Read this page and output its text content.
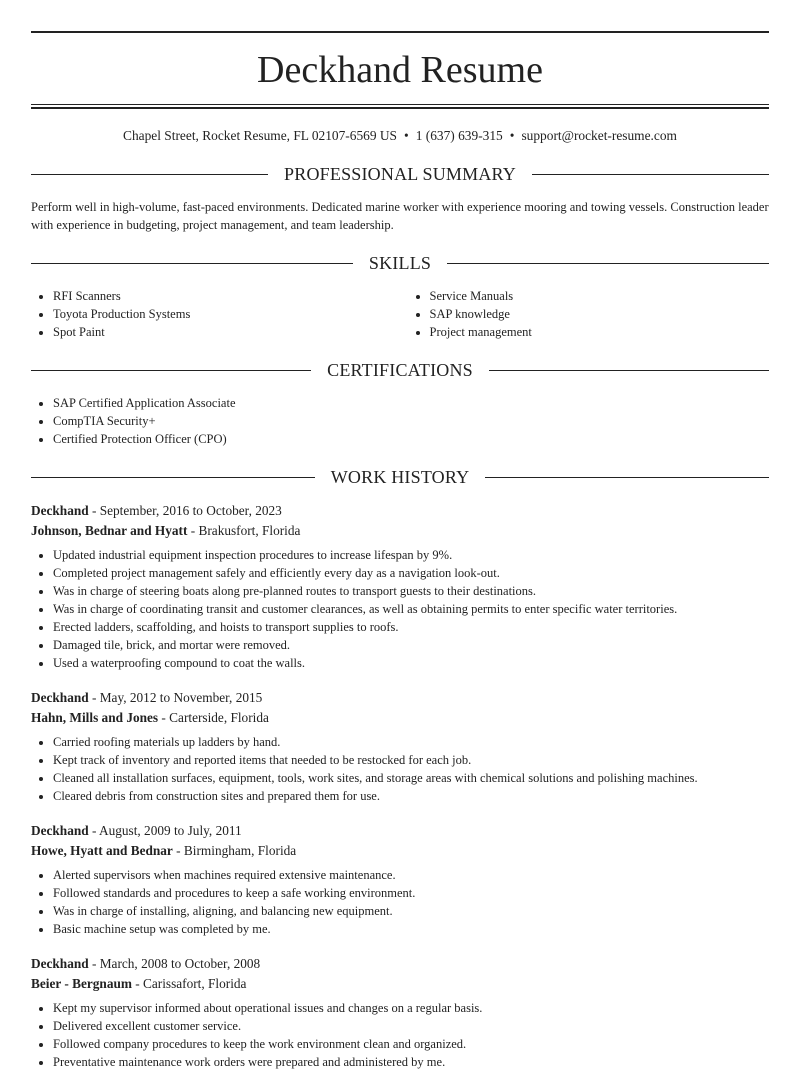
Deckhand Resume
Chapel Street, Rocket Resume, FL 02107-6569 US • 1 (637) 639-315 • support@rocket-resume.com
PROFESSIONAL SUMMARY

Perform well in high-volume, fast-paced environments. Dedicated marine worker with experience mooring and towing vessels. Construction leader with experience in budgeting, project management, and team leadership.

SKILLS
• RFI Scanners
• Toyota Production Systems
• Spot Paint
• Service Manuals
• SAP knowledge
• Project management
CERTIFICATIONS
• SAP Certified Application Associate
• CompTIA Security+
• Certified Protection Officer (CPO)
WORK HISTORY
Deckhand - September, 2016 to October, 2023
Johnson, Bednar and Hyatt - Brakusfort, Florida
• Updated industrial equipment inspection procedures to increase lifespan by 9%.
• Completed project management safely and efficiently every day as a navigation look-out.
• Was in charge of steering boats along pre-planned routes to transport guests to their destinations.
• Was in charge of coordinating transit and customer clearances, as well as obtaining permits to enter specific water territories.
• Erected ladders, scaffolding, and hoists to transport supplies to roofs.
• Damaged tile, brick, and mortar were removed.
• Used a waterproofing compound to coat the walls.
Deckhand - May, 2012 to November, 2015
Hahn, Mills and Jones - Carterside, Florida
• Carried roofing materials up ladders by hand.
• Kept track of inventory and reported items that needed to be restocked for each job.
• Cleaned all installation surfaces, equipment, tools, work sites, and storage areas with chemical solutions and polishing machines.
• Cleared debris from construction sites and prepared them for use.
Deckhand - August, 2009 to July, 2011
Howe, Hyatt and Bednar - Birmingham, Florida
• Alerted supervisors when machines required extensive maintenance.
• Followed standards and procedures to keep a safe working environment.
• Was in charge of installing, aligning, and balancing new equipment.
• Basic machine setup was completed by me.
Deckhand - March, 2008 to October, 2008
Beier - Bergnaum - Carissafort, Florida
• Kept my supervisor informed about operational issues and changes on a regular basis.
• Delivered excellent customer service.
• Followed company procedures to keep the work environment clean and organized.
• Preventative maintenance work orders were prepared and administered by me.
